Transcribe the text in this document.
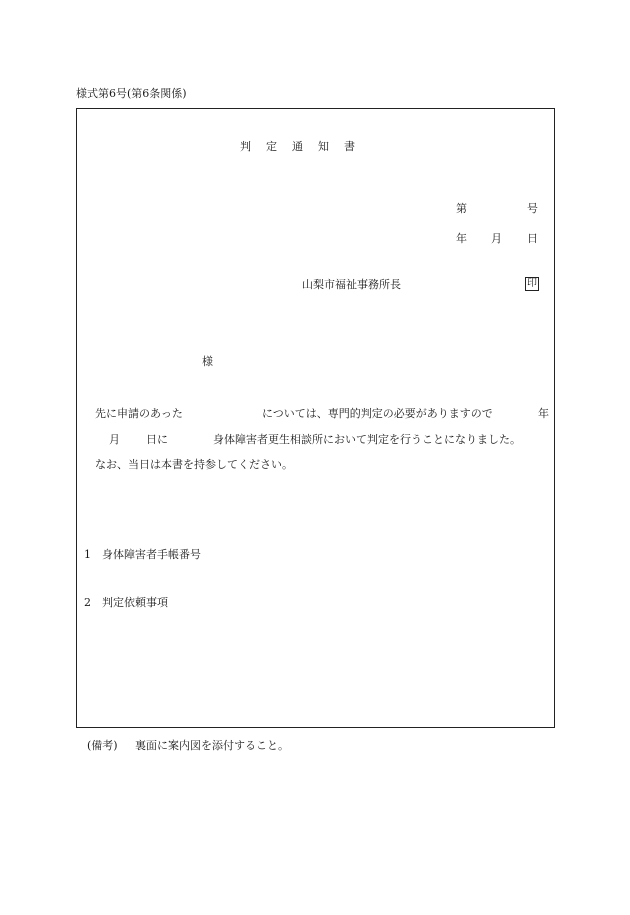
様式第6号(第6条関係)
判定通知書
第	号
年 月 日
山梨市福祉事務所長	印
様
先に申請のあった	については、専門的判定の必要がありますので	年
月 日に	身体障害者更生相談所において判定を行うことになりました。
なお、当日は本書を持参してください。
1 身体障害者手帳番号
2 判定依頼事項
(備考) 裏面に案内図を添付すること。
